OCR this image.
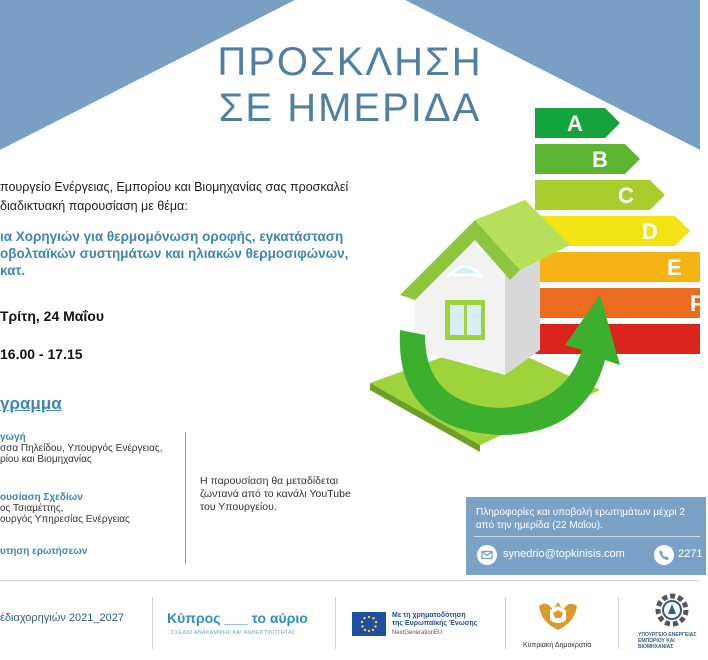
ΠΡΟΣΚΛΗΣΗ
ΣΕ ΗΜΕΡΙΔΑ
πουργείο Ενέργειας, Εμπορίου και Βιομηχανίας σας προσκαλεί
διαδικτυακή παρουσίαση με θέμα:
ια Χορηγιών για θερμομόνωση οροφής, εγκατάσταση
οβολταϊκών συστημάτων και ηλιακών θερμοσιφώνων,
κατ.
Τρίτη, 24 Μαΐου
16.00 - 17.15
γραμμα
γωγή
σσα Πηλείδου, Υπουργός Ενέργειας,
ρίου και Βιομηχανίας
ουσίαση Σχεδίων
ος Τσιαμέττης,
ουργός Υπηρεσίας Ενέργειας
υτηση ερωτήσεων
Η παρουσίαση θα μεταδίδεται
ζωντανά από το κανάλι YouTube
του Υπουργείου.
A
B
C
D
E
F
Πληροφορίες και υποβολή ερωτημάτων μέχρι 2
από την ημερίδα (22 Μαΐου).
synedrio@topkinisis.com	2271
έδιαχορηγιών 2021_2027	Κύπρος ___ το αύριο
ΣΧΕΔΙΟ ΑΝΑΚΑΜΨΗΣ ΚΑΙ ΑΝΘΕΚΤΙΚΟΤΗΤΑΣ
Με τη χρηματοδότηση
της Ευρωπαϊκής Ένωσης
NextGenerationEU
Κυπριακή Δημοκρατία
ΥΠΟΥΡΓΕΙΟ ΕΝΕΡΓΕΙΑΣ ΕΜΠΟΡΙΟΥ ΚΑΙ ΒΙΟΜΗΧΑΝΙΑΣ
